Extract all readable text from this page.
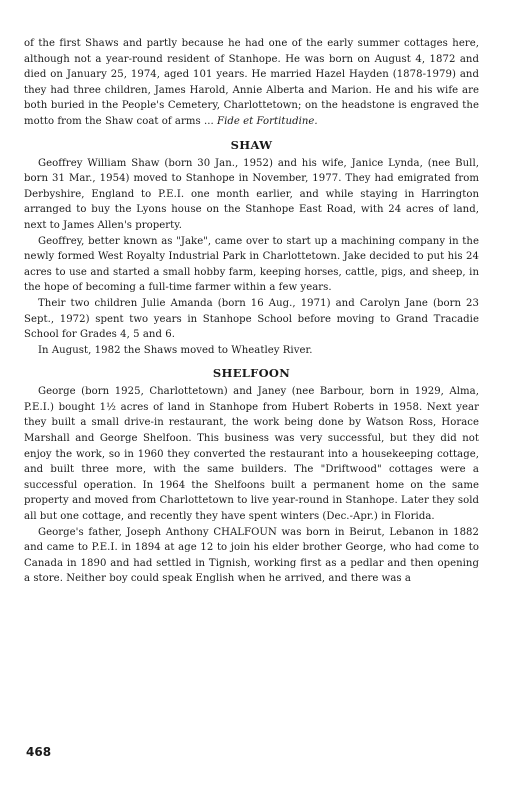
of the first Shaws and partly because he had one of the early summer cottages here, although not a year-round resident of Stanhope. He was born on August 4, 1872 and died on January 25, 1974, aged 101 years. He married Hazel Hayden (1878-1979) and they had three children, James Harold, Annie Alberta and Marion. He and his wife are both buried in the People's Cemetery, Charlottetown; on the headstone is engraved the motto from the Shaw coat of arms ... Fide et Fortitudine.

SHAW

Geoffrey William Shaw (born 30 Jan., 1952) and his wife, Janice Lynda, (nee Bull, born 31 Mar., 1954) moved to Stanhope in November, 1977. They had emigrated from Derbyshire, England to P.E.I. one month earlier, and while staying in Harrington arranged to buy the Lyons house on the Stanhope East Road, with 24 acres of land, next to James Allen's property.

Geoffrey, better known as "Jake", came over to start up a machining company in the newly formed West Royalty Industrial Park in Charlottetown. Jake decided to put his 24 acres to use and started a small hobby farm, keeping horses, cattle, pigs, and sheep, in the hope of becoming a full-time farmer within a few years.

Their two children Julie Amanda (born 16 Aug., 1971) and Carolyn Jane (born 23 Sept., 1972) spent two years in Stanhope School before moving to Grand Tracadie School for Grades 4, 5 and 6.

In August, 1982 the Shaws moved to Wheatley River.

SHELFOON

George (born 1925, Charlottetown) and Janey (nee Barbour, born in 1929, Alma, P.E.I.) bought 1½ acres of land in Stanhope from Hubert Roberts in 1958. Next year they built a small drive-in restaurant, the work being done by Watson Ross, Horace Marshall and George Shelfoon. This business was very successful, but they did not enjoy the work, so in 1960 they converted the restaurant into a housekeeping cottage, and built three more, with the same builders. The "Driftwood" cottages were a successful operation. In 1964 the Shelfoons built a permanent home on the same property and moved from Charlottetown to live year-round in Stanhope. Later they sold all but one cottage, and recently they have spent winters (Dec.-Apr.) in Florida.

George's father, Joseph Anthony CHALFOUN was born in Beirut, Lebanon in 1882 and came to P.E.I. in 1894 at age 12 to join his elder brother George, who had come to Canada in 1890 and had settled in Tignish, working first as a pedlar and then opening a store. Neither boy could speak English when he arrived, and there was a

468
